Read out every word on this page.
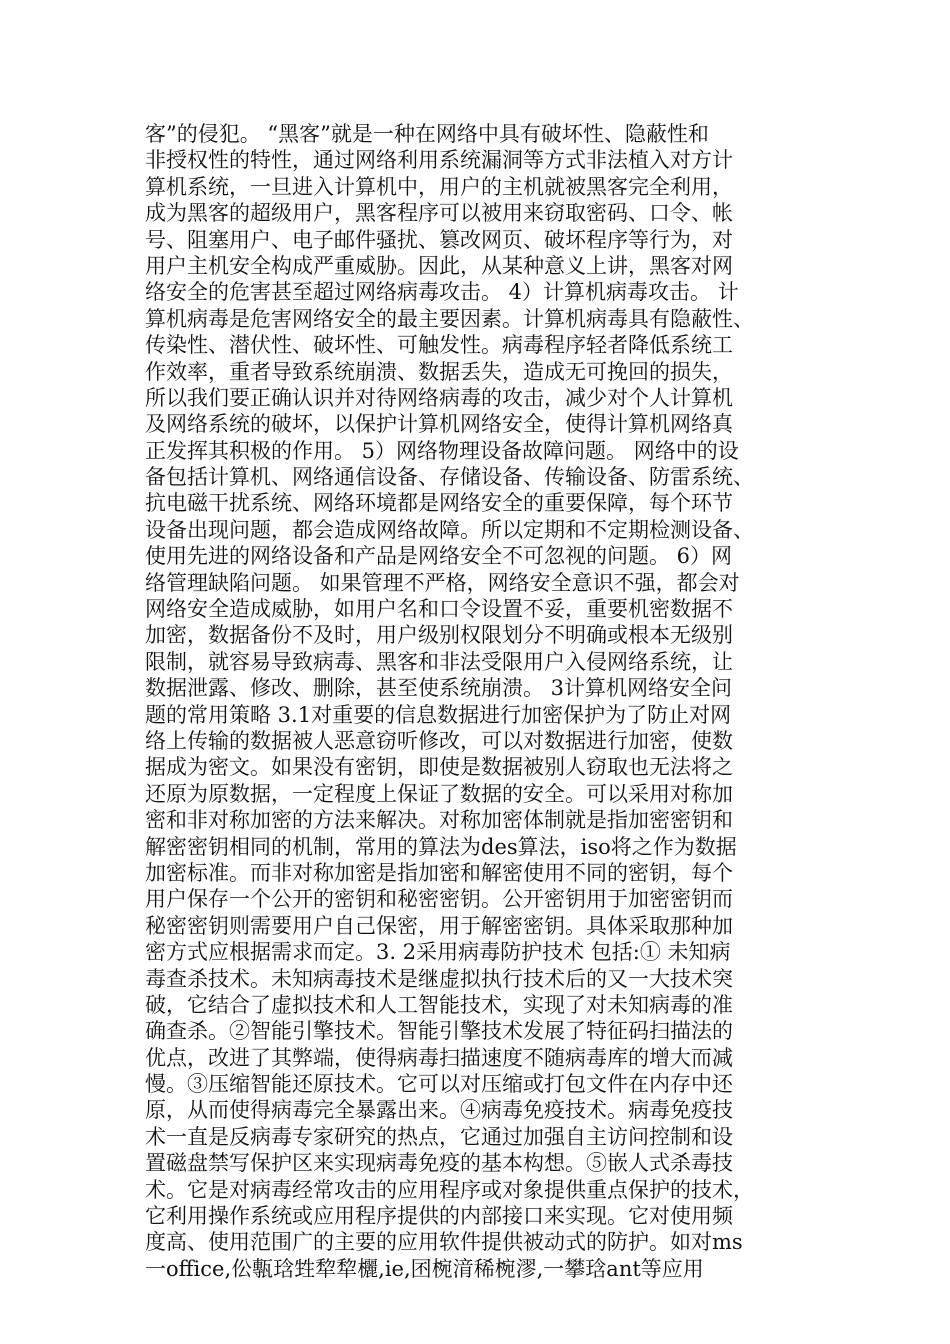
客”的侵犯。 “黑客”就是一种在网络中具有破坏性、隐蔽性和
非授权性的特性，通过网络利用系统漏洞等方式非法植入对方计
算机系统，一旦进入计算机中，用户的主机就被黑客完全利用，
成为黑客的超级用户，黑客程序可以被用来窃取密码、口令、帐
号、阻塞用户、电子邮件骚扰、篡改网页、破坏程序等行为，对
用户主机安全构成严重威胁。因此，从某种意义上讲，黑客对网
络安全的危害甚至超过网络病毒攻击。 4）计算机病毒攻击。 计
算机病毒是危害网络安全的最主要因素。计算机病毒具有隐蔽性、
传染性、潜伏性、破坏性、可触发性。病毒程序轻者降低系统工
作效率，重者导致系统崩溃、数据丢失，造成无可挽回的损失，
所以我们要正确认识并对待网络病毒的攻击，减少对个人计算机
及网络系统的破坏，以保护计算机网络安全，使得计算机网络真
正发挥其积极的作用。 5）网络物理设备故障问题。 网络中的设
备包括计算机、网络通信设备、存储设备、传输设备、防雷系统、
抗电磁干扰系统、网络环境都是网络安全的重要保障，每个环节
设备出现问题，都会造成网络故障。所以定期和不定期检测设备、
使用先进的网络设备和产品是网络安全不可忽视的问题。 6）网
络管理缺陷问题。 如果管理不严格，网络安全意识不强，都会对
网络安全造成威胁，如用户名和口令设置不妥，重要机密数据不
加密，数据备份不及时，用户级别权限划分不明确或根本无级别
限制，就容易导致病毒、黑客和非法受限用户入侵网络系统，让
数据泄露、修改、删除，甚至使系统崩溃。 3计算机网络安全问
题的常用策略 3.1对重要的信息数据进行加密保护为了防止对网
络上传输的数据被人恶意窃听修改，可以对数据进行加密，使数
据成为密文。如果没有密钥，即使是数据被别人窃取也无法将之
还原为原数据，一定程度上保证了数据的安全。可以采用对称加
密和非对称加密的方法来解决。对称加密体制就是指加密密钥和
解密密钥相同的机制，常用的算法为des算法，iso将之作为数据
加密标准。而非对称加密是指加密和解密使用不同的密钥，每个
用户保存一个公开的密钥和秘密密钥。公开密钥用于加密密钥而
秘密密钥则需要用户自己保密，用于解密密钥。具体采取那种加
密方式应根据需求而定。3. 2采用病毒防护技术 包括:① 未知病
毒查杀技术。未知病毒技术是继虚拟执行技术后的又一大技术突
破，它结合了虚拟技术和人工智能技术，实现了对未知病毒的准
确查杀。②智能引擎技术。智能引擎技术发展了特征码扫描法的
优点，改进了其弊端，使得病毒扫描速度不随病毒库的增大而减
慢。③压缩智能还原技术。它可以对压缩或打包文件在内存中还
原，从而使得病毒完全暴露出来。④病毒免疫技术。病毒免疫技
术一直是反病毒专家研究的热点，它通过加强自主访问控制和设
置磁盘禁写保护区来实现病毒免疫的基本构想。⑤嵌人式杀毒技
术。它是对病毒经常攻击的应用程序或对象提供重点保护的技术，
它利用操作系统或应用程序提供的内部接口来实现。它对使用频
度高、使用范围广的主要的应用软件提供被动式的防护。如对ms
一office,伀甎琀甡犂犂欐,ie,囨椀湇稀椀漻,一攀琀ant等应用
